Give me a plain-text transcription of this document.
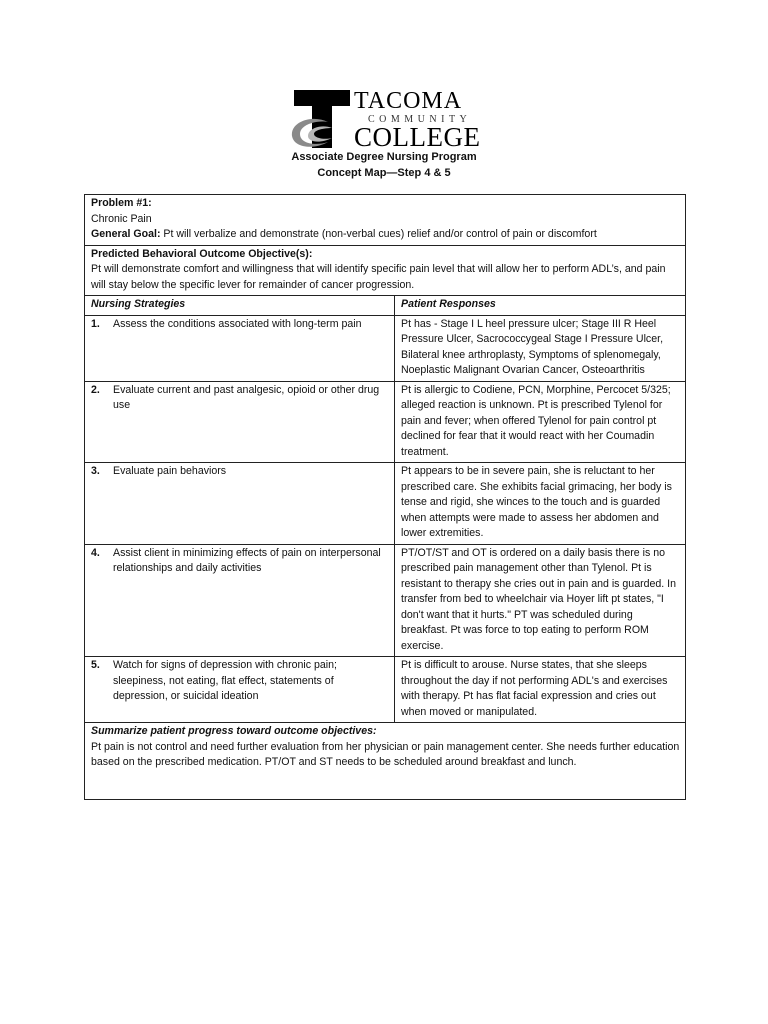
TACOMA
COMMUNITY
COLLEGE
Associate Degree Nursing Program
Concept Map—Step 4 & 5
Problem #1:
Chronic Pain
General Goal: Pt will verbalize and demonstrate (non-verbal cues) relief and/or control of pain or discomfort	

Predicted Behavioral Outcome Objective(s):
Pt will demonstrate comfort and willingness that will identify specific pain level that will allow her to perform ADL’s, and pain will stay below the specific lever for remainder of cancer progression.	

Nursing Strategies	Patient Responses

1. Assess the conditions associated with long-term pain	Pt has - Stage I L heel pressure ulcer; Stage III R Heel Pressure Ulcer, Sacrococcygeal Stage I Pressure Ulcer, Bilateral knee arthroplasty, Symptoms of splenomegaly, Noeplastic Malignant Ovarian Cancer, Osteoarthritis

2. Evaluate current and past analgesic, opioid or other drug use	Pt is allergic to Codiene, PCN, Morphine, Percocet 5/325; alleged reaction is unknown. Pt is prescribed Tylenol for pain and fever; when offered Tylenol for pain control pt declined for fear that it would react with her Coumadin treatment.

3. Evaluate pain behaviors	Pt appears to be in severe pain, she is reluctant to her prescribed care. She exhibits facial grimacing, her body is tense and rigid, she winces to the touch and is guarded when attempts were made to assess her abdomen and lower extremities.

4. Assist client in minimizing effects of pain on interpersonal relationships and daily activities	PT/OT/ST and OT is ordered on a daily basis there is no prescribed pain management other than Tylenol. Pt is resistant to therapy she cries out in pain and is guarded. In transfer from bed to wheelchair via Hoyer lift pt states, "I don't want that it hurts." PT was scheduled during breakfast. Pt was force to top eating to perform ROM exercise.

5. Watch for signs of depression with chronic pain; sleepiness, not eating, flat effect, statements of depression, or suicidal ideation	Pt is difficult to arouse. Nurse states, that she sleeps throughout the day if not performing ADL's and exercises with therapy. Pt has flat facial expression and cries out when moved or manipulated.

Summarize patient progress toward outcome objectives:
Pt pain is not control and need further evaluation from her physician or pain management center. She needs further education based on the prescribed medication. PT/OT and ST needs to be scheduled around breakfast and lunch.	
